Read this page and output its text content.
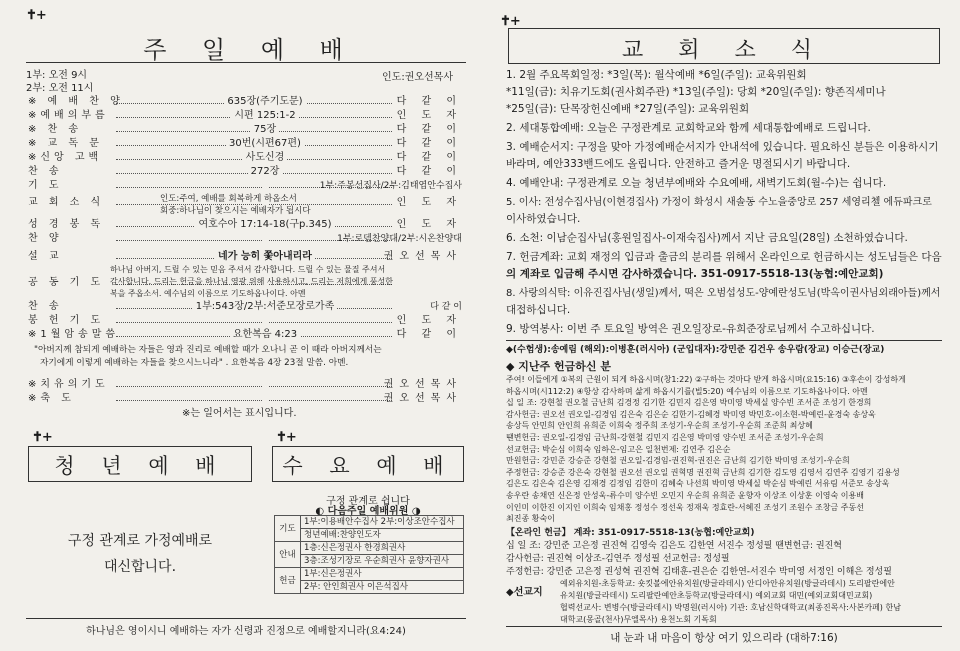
✝+
주 일 예 배
1부: 오전 9시
2부: 오전 11시
인도:권오선목사
※ 예 배 찬 양	635장(주기도문)	다 같 이
※예배의부름	시편 125:1-2	인 도 자
※ 찬 송	75장	다 같 이
※ 교 독 문	30번(시편67편)	다 같 이
※신앙 고백	사도신경	다 같 이
찬 송	272장	다 같 이
기 도	1부:주봉선집사/2부:김태엽안수집사
교 회 소 식	인 도 자
성 경 봉 독	여호수아 17:14-18(구p.345)	인 도 자
찬 양	1부:로뎀찬양대/2부:시온찬양대
설 교	네가 능히 쫓아내리라	권오선목사
공 동 기 도
찬 송	1부:543장/2부:서준모장로가족	다 같 이
봉 헌 기 도	인 도 자
※1월암송말씀	요한복음 4:23	다 같 이
※치유의기도	권오선목사
※축 도	권오선목사
인도:주여, 예배를 회복하게 하옵소서
회중:하나님이 찾으시는 예배자가 됩시다
하나님 아버지, 드릴 수 있는 믿음 주셔서 감사합니다. 드릴 수 있는 물질 주셔서
감사합니다. 드리는 헌금을 하나님 영광 위해 사용하시고, 드리는 저희에게 풍성한
복을 주옵소서. 예수님의 이름으로 기도하옵나이다. 아멘
"아버지께 참되게 예배하는 자들은 영과 진리로 예배할 때가 오나니 곧 이 때라 아버지께서는
자기에게 이렇게 예배하는 자들을 찾으시느니라" . 요한복음 4장 23절 말씀. 아멘.
※는 일어서는 표시입니다.
✝+
청 년 예 배
구정 관계로 가정예배로
대신합니다.
✝+
수 요 예 배
구정 관계로 쉽니다
◐ 다음주일 예배위원 ◑
기도	1부:이용배안수집사 2부:이상조안수집사
	청년예배:찬양인도자
안내	1층:신은정권사 한경희권사
	3층:조성기장로 우순희권사 윤향자권사
헌금	1부:신은정권사
	2부: 안인희권사 이은석집사
하나님은 영이시니 예배하는 자가 신령과 진정으로 예배할지니라(요4:24)
✝+
교 회 소 식
1. 2월 주요목회일정: *3일(목): 월삭예배 *6일(주일): 교육위원회
*11일(금): 치유기도회(권사회주관) *13일(주일): 당회 *20일(주일): 향존직세미나
*25일(금): 단목장헌신예배 *27일(주일): 교육위원회
2. 세대통합예배: 오늘은 구정관계로 교회학교와 함께 세대통합예배로 드립니다.
3. 예배순서지: 구정을 맞아 가정예배순서지가 안내석에 있습니다. 필요하신 분들은 이용하시기
바라며, 예안333밴드에도 올립니다. 안전하고 즐거운 명절되시기 바랍니다.
4. 예배안내: 구정관계로 오늘 청년부예배와 수요예배, 새벽기도회(월-수)는 쉽니다.
5. 이사: 전성수집사님(이현경집사) 가정이 화성시 새솔동 수노을중앙로 257 세영리첼 에듀파크로
이사하였습니다.
6. 소천: 이남순집사님(홍원일집사-이재숙집사)께서 지난 금요일(28일) 소천하였습니다.
7. 헌금계좌: 교회 재정의 입금과 출금의 분리를 위해서 온라인으로 헌금하시는 성도님들은 다음
의 계좌로 입금해 주시면 감사하겠습니다. 351-0917-5518-13(농협:예안교회)
8. 사랑의식탁: 이유진집사님(생일)께서, 떡은 오범섭성도-양예란성도님(박옥이권사님외래아들)께서
대접하십니다.
9. 방역봉사: 이번 주 토요일 방역은 권오일장로-유희준장로님께서 수고하십니다.
◆(수험생):송예림 (해외):이병훈(러시아) (군입대자):강민준 김건우 송우람(장교) 이승근(장교)
◆ 지난주 헌금하신 분
주여! 이들에게 ①복의 근원이 되게 하옵시며(창1:22) ②구하는 것마다 받게 하옵시며(요15:16) ③후손이 강성하게
하옵시며(시112:2) ④항상 감사하며 삶게 하옵시기를(빌5:20) 예수님의 이름으로 기도하옵나이다. 아멘
십 일 조: 강현철 권오철 금난희 김경정 김기한 김민지 김은영 박미영 박세실 양수빈 조서준 조성기 한경희
감사헌금: 권오선 권오일-김경임 김은숙 김은순 김한기-김혜경 박미영 박민호-이소현-박예린-윤경숙 송상욱
송상득 안민희 안인희 유희준 이희숙 정주희 조성기-우순희 조성기-우순희 조준희 최상혜
땐변헌금: 권오일-김경임 금난희-강현철 김민지 김은영 박미영 양수빈 조서준 조성기-우순희
선교헌금: 박순심 이희숙 임하은-임고은 일천번제: 김연주 김은순
만원헌금: 강민준 강승준 강현철 권오일-김경임-권진혁-권진은 금난희 김기한 박미영 조성기-우순희
주정헌금: 강승준 강은숙 강현철 권오선 권오일 권혁명 권진혁 금난희 김기한 김도영 김영서 김연주 김영기 김용성
김은도 김은숙 김은영 김재경 김정임 김한미 김혜숙 나선희 박미영 박세실 박순심 박예린 서유림 서준모 송상욱
송우란 송채연 신은정 안성욱-류수미 양수빈 오민지 우순희 유희준 윤향자 이상조 이상훈 이영숙 이용배
이인미 이한진 이지인 이희숙 임채홍 정성수 정선욱 정재욱 정효란-서혜진 조성기 조원수 조창금 주동선
최진종 황숙이
【온라인 헌금】 계좌: 351-0917-5518-13(농협:예안교회)
십 일 조: 강민준 고은정 권진혁 김영숙 김은도 김한연 서진수 정성필 땐변헌금: 권진혁
감사헌금: 권진혁 이상조-김연주 정성필 선교헌금: 정성필
주정헌금: 강민준 고은정 권성혁 권진혁 김태훈-권은순 김한연-서진수 박미영 서정인 이해은 정성필
◆선교지
예외유치원-초등학교: 숏킷볼에안유치원(방글라데시) 안디아안유치원(방글라데시) 도리팔란에안
유치원(방글라데시) 도리팔란예안초등학교(방글라데시) 예외교회 대민(예외교회대민교회)
협력선교사: 변병수(방글라데시) 박명원(러시아) 기관: 호남신학대학교(최종진목사:사본카페) 한남
대학교(몽골(천사)무엘목사) 용천노회 기독회
내 눈과 내 마음이 항상 여기 있으리라 (대하7:16)
